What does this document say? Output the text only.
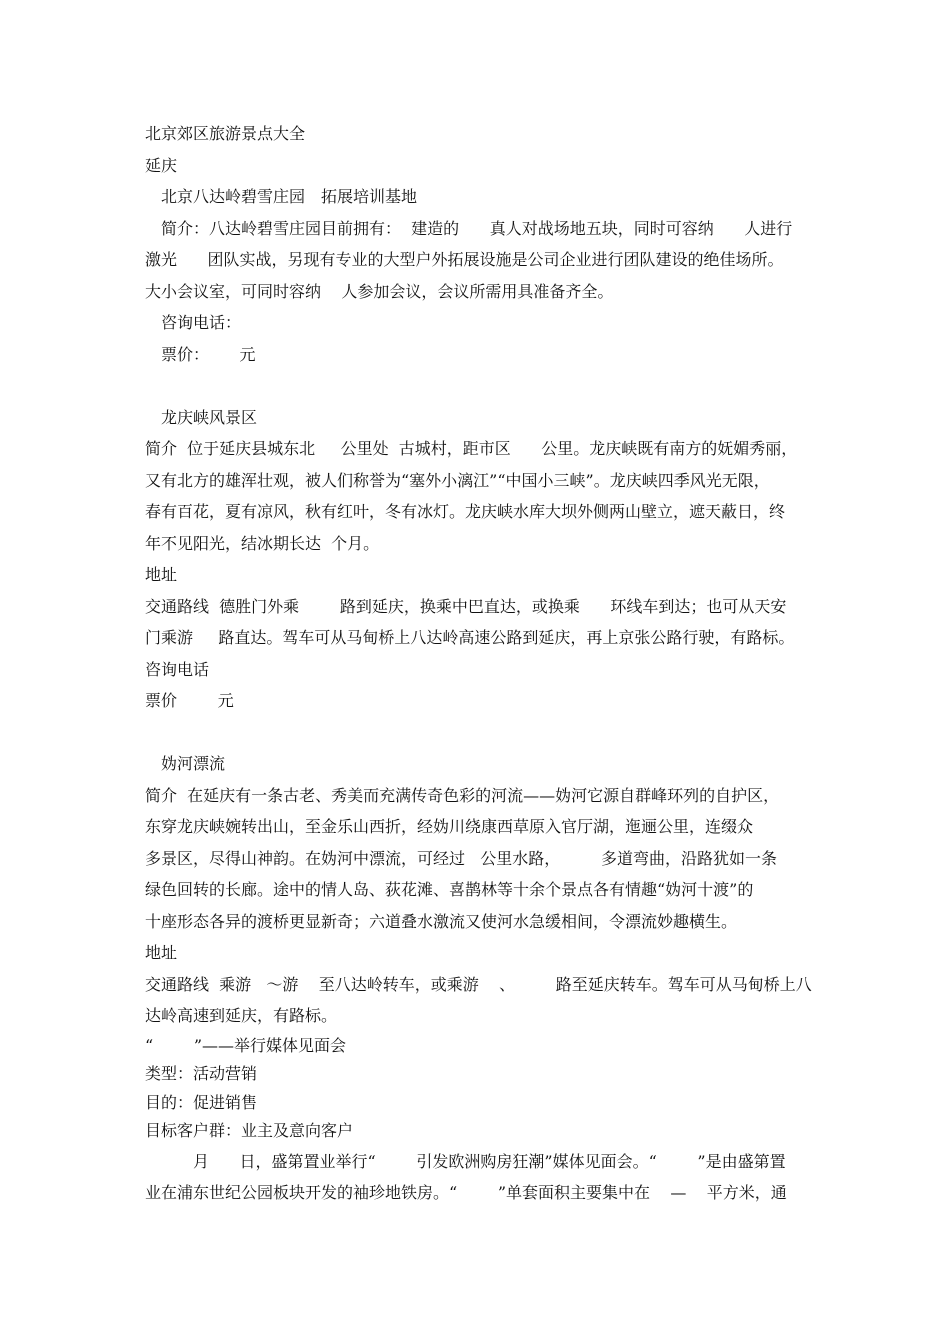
北京郊区旅游景点大全

延庆

北京八达岭碧雪庄园　拓展培训基地

简介：八达岭碧雪庄园目前拥有：  建造的      真人对战场地五块，同时可容纳      人进行

激光      团队实战，另现有专业的大型户外拓展设施是公司企业进行团队建设的绝佳场所。

大小会议室，可同时容纳    人参加会议，会议所需用具准备齐全。

咨询电话：

票价：      元

龙庆峡风景区

简介  位于延庆县城东北     公里处  古城村，距市区      公里。龙庆峡既有南方的妩媚秀丽，

又有北方的雄浑壮观，被人们称誉为“塞外小漓江”“中国小三峡”。龙庆峡四季风光无限，

春有百花，夏有凉风，秋有红叶，冬有冰灯。龙庆峡水库大坝外侧两山壁立，遮天蔽日，终

年不见阳光，结冰期长达  个月。

地址

交通路线  德胜门外乘        路到延庆，换乘中巴直达，或换乘      环线车到达；也可从天安

门乘游     路直达。驾车可从马甸桥上八达岭高速公路到延庆，再上京张公路行驶，有路标。

咨询电话

票价        元

妫河漂流

简介  在延庆有一条古老、秀美而充满传奇色彩的河流——妫河它源自群峰环列的自护区，

东穿龙庆峡婉转出山，至金乐山西折，经妫川绕康西草原入官厅湖，迤逦公里，连缀众

多景区，尽得山神韵。在妫河中漂流，可经过   公里水路，        多道弯曲，沿路犹如一条

绿色回转的长廊。途中的情人岛、荻花滩、喜鹊林等十余个景点各有情趣“妫河十渡”的

十座形态各异的渡桥更显新奇；六道叠水激流又使河水急缓相间，令漂流妙趣横生。

地址

交通路线  乘游   ～游    至八达岭转车，或乘游    、        路至延庆转车。驾车可从马甸桥上八

达岭高速到延庆，有路标。

“        ”——举行媒体见面会

类型：活动营销

目的：促进销售

目标客户群：业主及意向客户

月      日，盛第置业举行“        引发欧洲购房狂潮”媒体见面会。“        ”是由盛第置

业在浦东世纪公园板块开发的袖珍地铁房。“        ”单套面积主要集中在    —    平方米，通
